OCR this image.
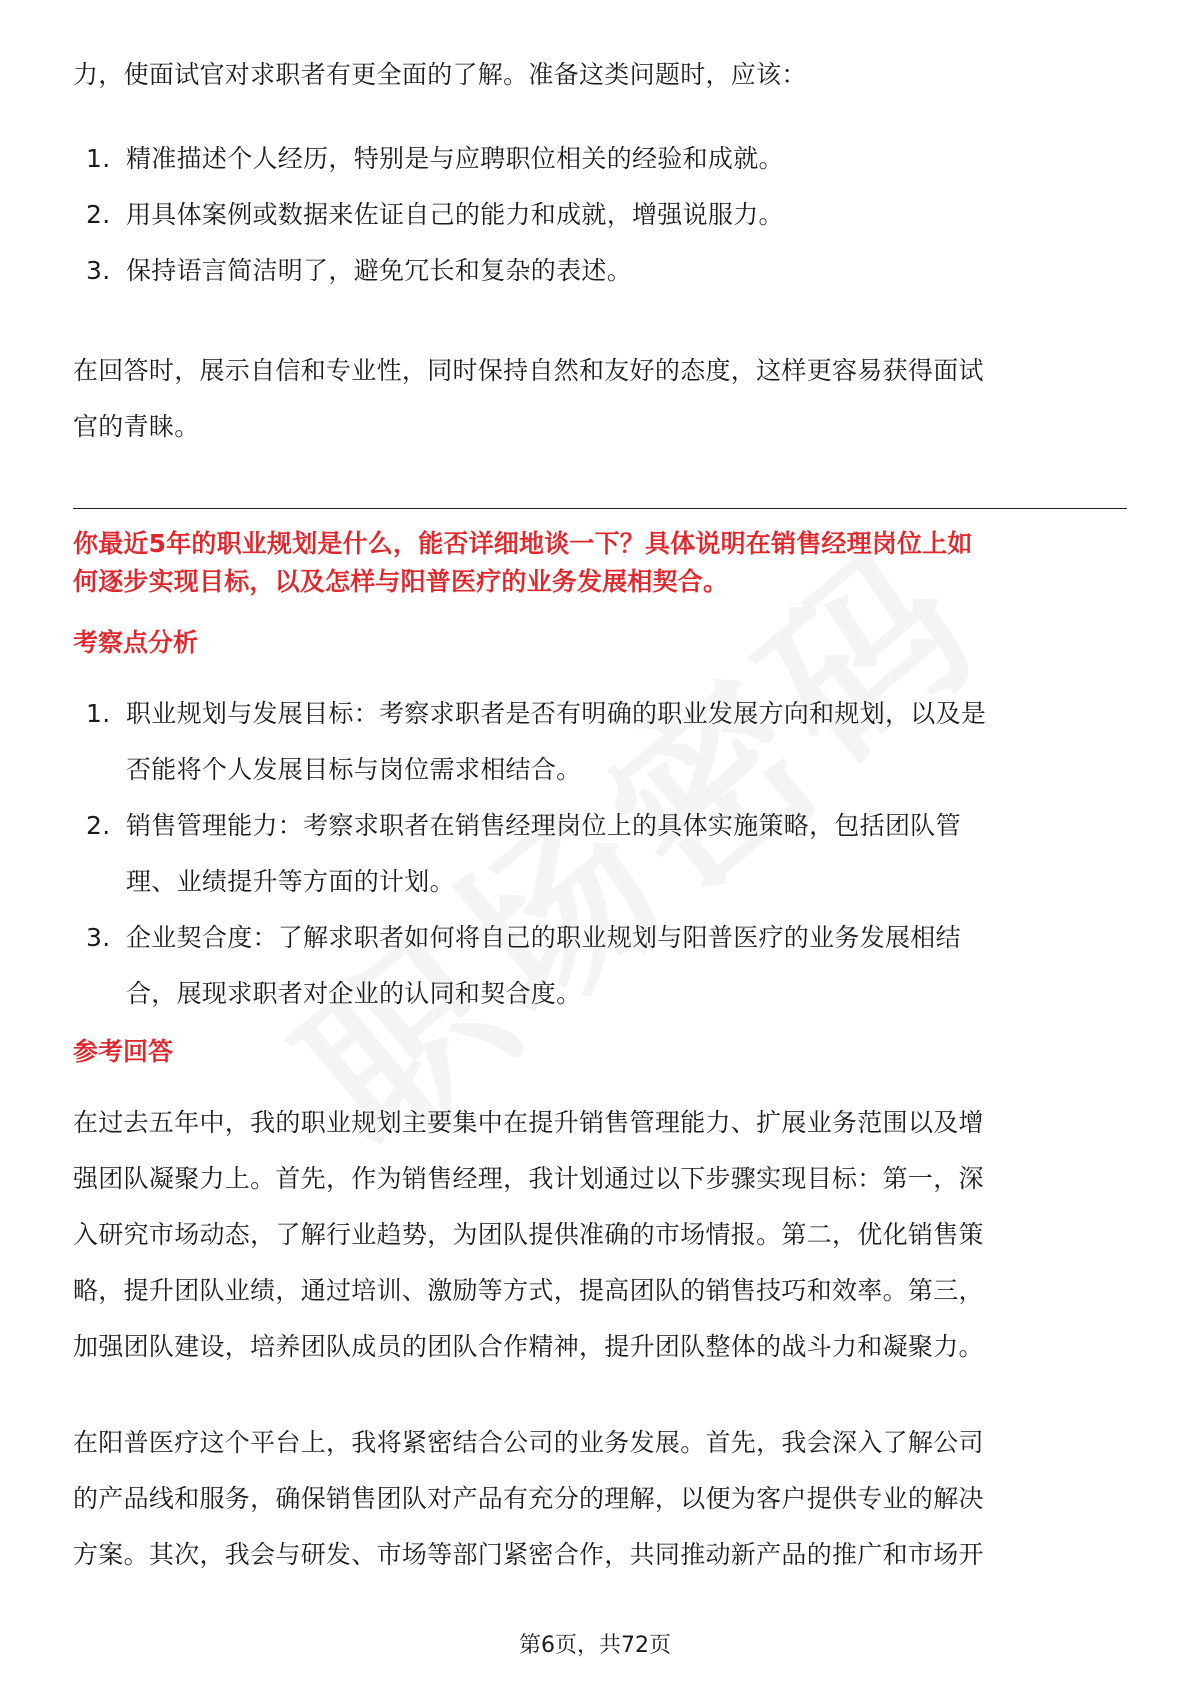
力，使面试官对求职者有更全面的了解。准备这类问题时，应该：
1. 精准描述个人经历，特别是与应聘职位相关的经验和成就。
2. 用具体案例或数据来佐证自己的能力和成就，增强说服力。
3. 保持语言简洁明了，避免冗长和复杂的表述。
在回答时，展示自信和专业性，同时保持自然和友好的态度，这样更容易获得面试
官的青睐。
你最近5年的职业规划是什么，能否详细地谈一下？具体说明在销售经理岗位上如
何逐步实现目标，以及怎样与阳普医疗的业务发展相契合。
考察点分析
1. 职业规划与发展目标：考察求职者是否有明确的职业发展方向和规划，以及是
否能将个人发展目标与岗位需求相结合。
2. 销售管理能力：考察求职者在销售经理岗位上的具体实施策略，包括团队管
理、业绩提升等方面的计划。
3. 企业契合度：了解求职者如何将自己的职业规划与阳普医疗的业务发展相结
合，展现求职者对企业的认同和契合度。
参考回答
在过去五年中，我的职业规划主要集中在提升销售管理能力、扩展业务范围以及增
强团队凝聚力上。首先，作为销售经理，我计划通过以下步骤实现目标：第一，深
入研究市场动态，了解行业趋势，为团队提供准确的市场情报。第二，优化销售策
略，提升团队业绩，通过培训、激励等方式，提高团队的销售技巧和效率。第三，
加强团队建设，培养团队成员的团队合作精神，提升团队整体的战斗力和凝聚力。
在阳普医疗这个平台上，我将紧密结合公司的业务发展。首先，我会深入了解公司
的产品线和服务，确保销售团队对产品有充分的理解，以便为客户提供专业的解决
方案。其次，我会与研发、市场等部门紧密合作，共同推动新产品的推广和市场开
第6页，共72页
